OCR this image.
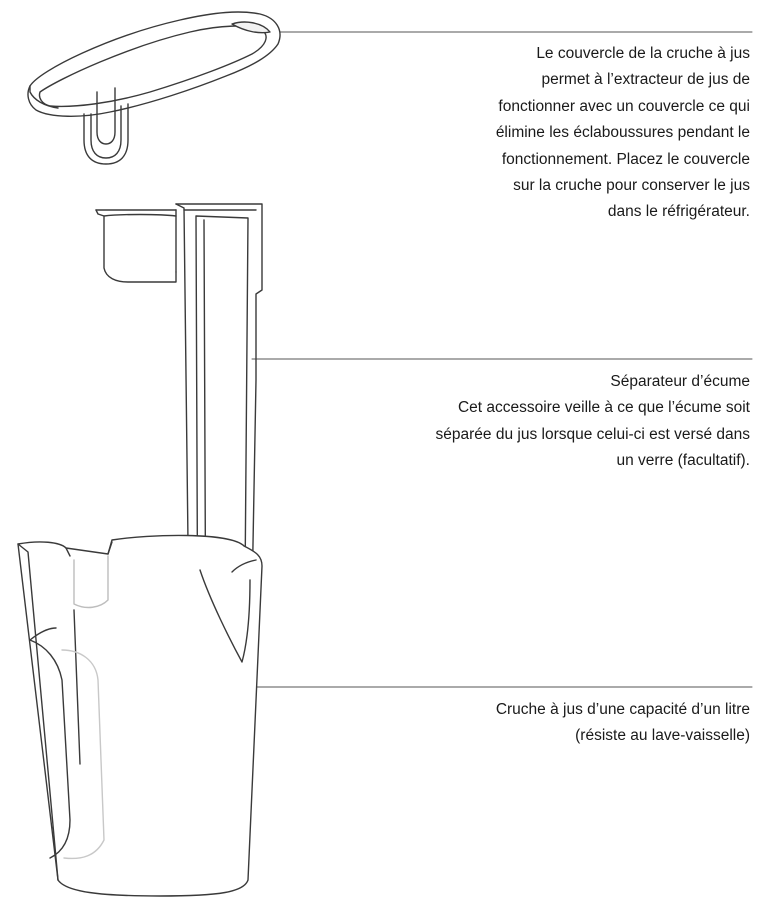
Le couvercle de la cruche à jus
permet à l’extracteur de jus de
fonctionner avec un couvercle ce qui
élimine les éclaboussures pendant le
fonctionnement. Placez le couvercle
sur la cruche pour conserver le jus
dans le réfrigérateur.
Séparateur d’écume
Cet accessoire veille à ce que l’écume soit
séparée du jus lorsque celui-ci est versé dans
un verre (facultatif).
Cruche à jus d’une capacité d’un litre
(résiste au lave-vaisselle)
